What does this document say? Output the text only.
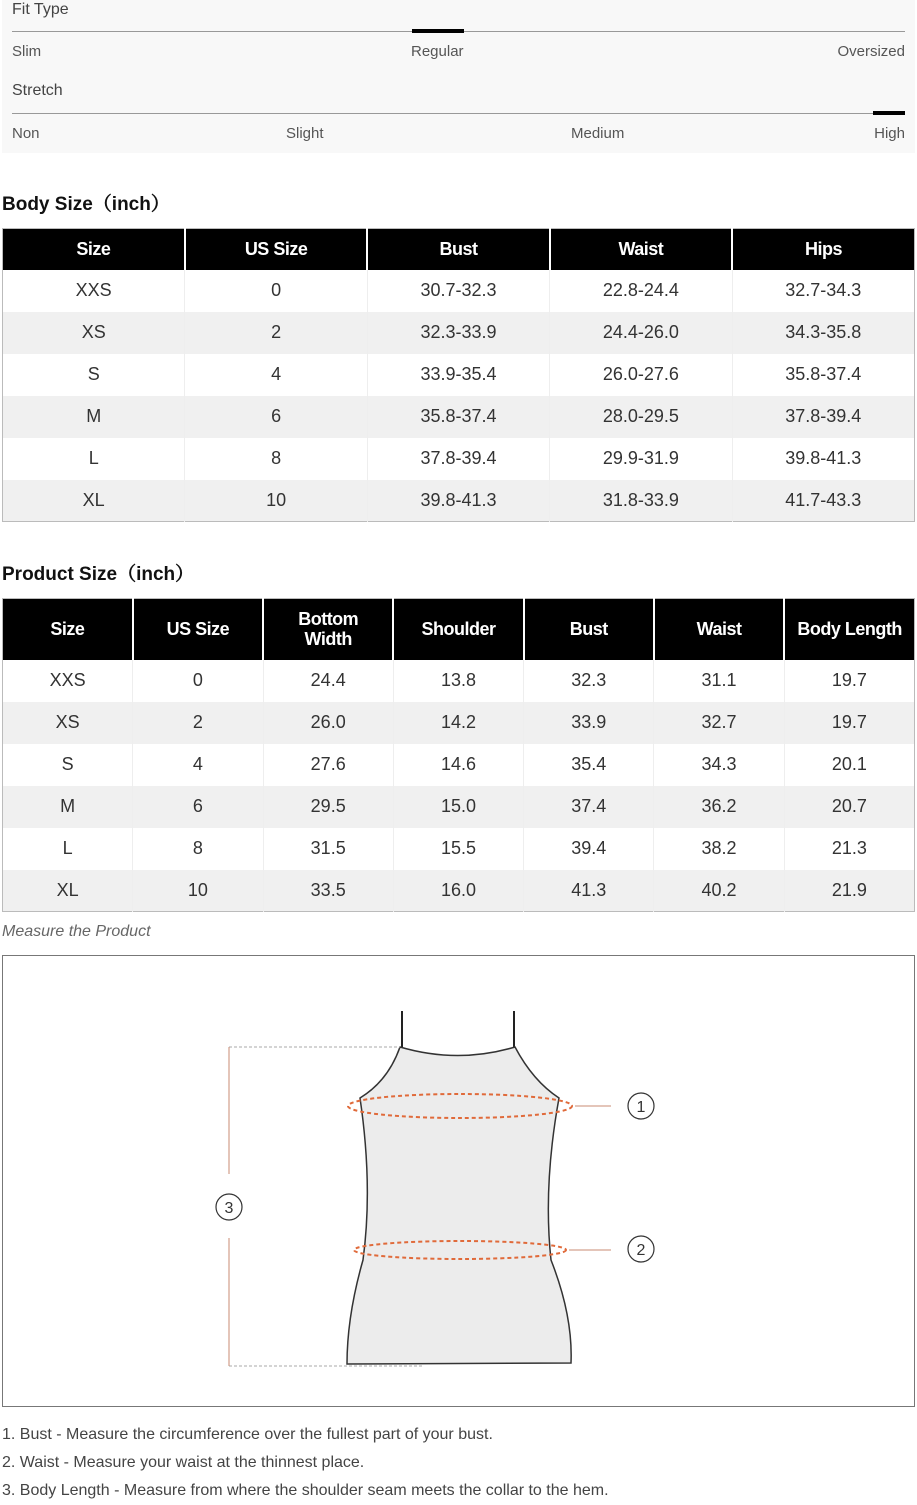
Fit Type
Slim	Regular	Oversized
Stretch
Non	Slight	Medium	High
Body Size（inch）
Size	US Size	Bust	Waist	Hips
XXS	0	30.7-32.3	22.8-24.4	32.7-34.3
XS	2	32.3-33.9	24.4-26.0	34.3-35.8
S	4	33.9-35.4	26.0-27.6	35.8-37.4
M	6	35.8-37.4	28.0-29.5	37.8-39.4
L	8	37.8-39.4	29.9-31.9	39.8-41.3
XL	10	39.8-41.3	31.8-33.9	41.7-43.3
Product Size（inch）
Size	US Size	Bottom Width	Shoulder	Bust	Waist	Body Length
XXS	0	24.4	13.8	32.3	31.1	19.7
XS	2	26.0	14.2	33.9	32.7	19.7
S	4	27.6	14.6	35.4	34.3	20.1
M	6	29.5	15.0	37.4	36.2	20.7
L	8	31.5	15.5	39.4	38.2	21.3
XL	10	33.5	16.0	41.3	40.2	21.9
Measure the Product
1
2
3
1. Bust - Measure the circumference over the fullest part of your bust.
2. Waist - Measure your waist at the thinnest place.
3. Body Length - Measure from where the shoulder seam meets the collar to the hem.
